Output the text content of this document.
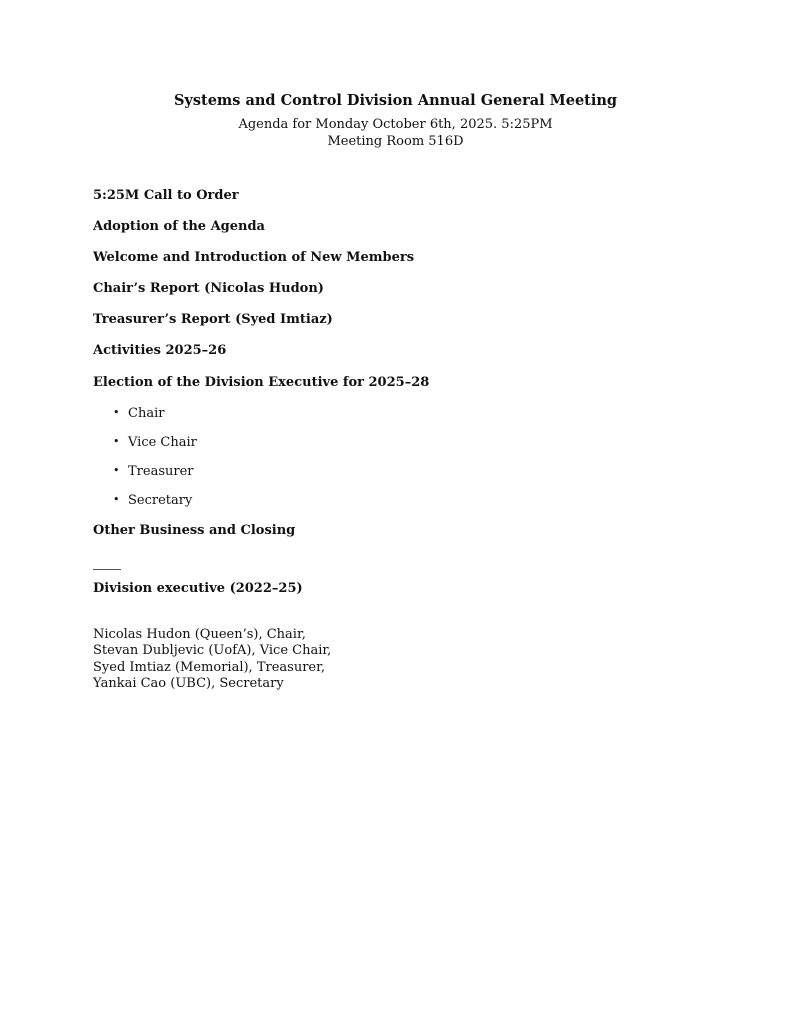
Systems and Control Division Annual General Meeting
Agenda for Monday October 6th, 2025. 5:25PM
Meeting Room 516D
5:25M Call to Order
Adoption of the Agenda
Welcome and Introduction of New Members
Chair’s Report (Nicolas Hudon)
Treasurer’s Report (Syed Imtiaz)
Activities 2025–26
Election of the Division Executive for 2025–28
• Chair
• Vice Chair
• Treasurer
• Secretary
Other Business and Closing
Division executive (2022–25)
Nicolas Hudon (Queen’s), Chair,
Stevan Dubljevic (UofA), Vice Chair,
Syed Imtiaz (Memorial), Treasurer,
Yankai Cao (UBC), Secretary
